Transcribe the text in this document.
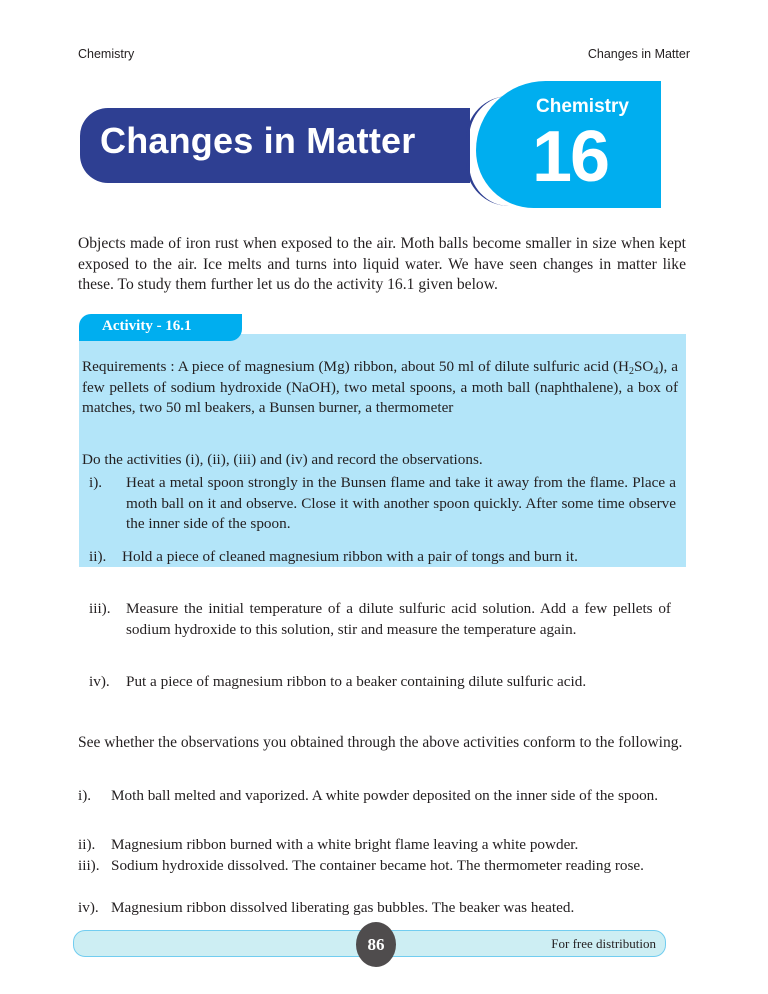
Chemistry	Changes in Matter
Changes in Matter
Chemistry
16

Objects made of iron rust when exposed to the air. Moth balls become smaller in size when kept exposed to the air. Ice melts and turns into liquid water. We have seen changes in matter like these. To study them further let us do the activity 16.1 given below.

Activity - 16.1
Requirements : A piece of magnesium (Mg) ribbon, about 50 ml of dilute sulfuric acid $(H_2SO_4)$, a few pellets of sodium hydroxide (NaOH), two metal spoons, a moth ball (naphthalene), a box of matches, two 50 ml beakers, a Bunsen burner, a thermometer
Do the activities (i), (ii), (iii) and (iv) and record the observations.
i). Heat a metal spoon strongly in the Bunsen flame and take it away from the flame. Place a moth ball on it and observe. Close it with another spoon quickly. After some time observe the inner side of the spoon.
ii). Hold a piece of cleaned magnesium ribbon with a pair of tongs and burn it.
iii). Measure the initial temperature of a dilute sulfuric acid solution. Add a few pellets of sodium hydroxide to this solution, stir and measure the temperature again.
iv). Put a piece of magnesium ribbon to a beaker containing dilute sulfuric acid.

See whether the observations you obtained through the above activities conform to the following.

i). Moth ball melted and vaporized. A white powder deposited on the inner side of the spoon.
ii). Magnesium ribbon burned with a white bright flame leaving a white powder.
iii). Sodium hydroxide dissolved. The container became hot. The thermometer reading rose.
iv). Magnesium ribbon dissolved liberating gas bubbles. The beaker was heated.
86	For free distribution
